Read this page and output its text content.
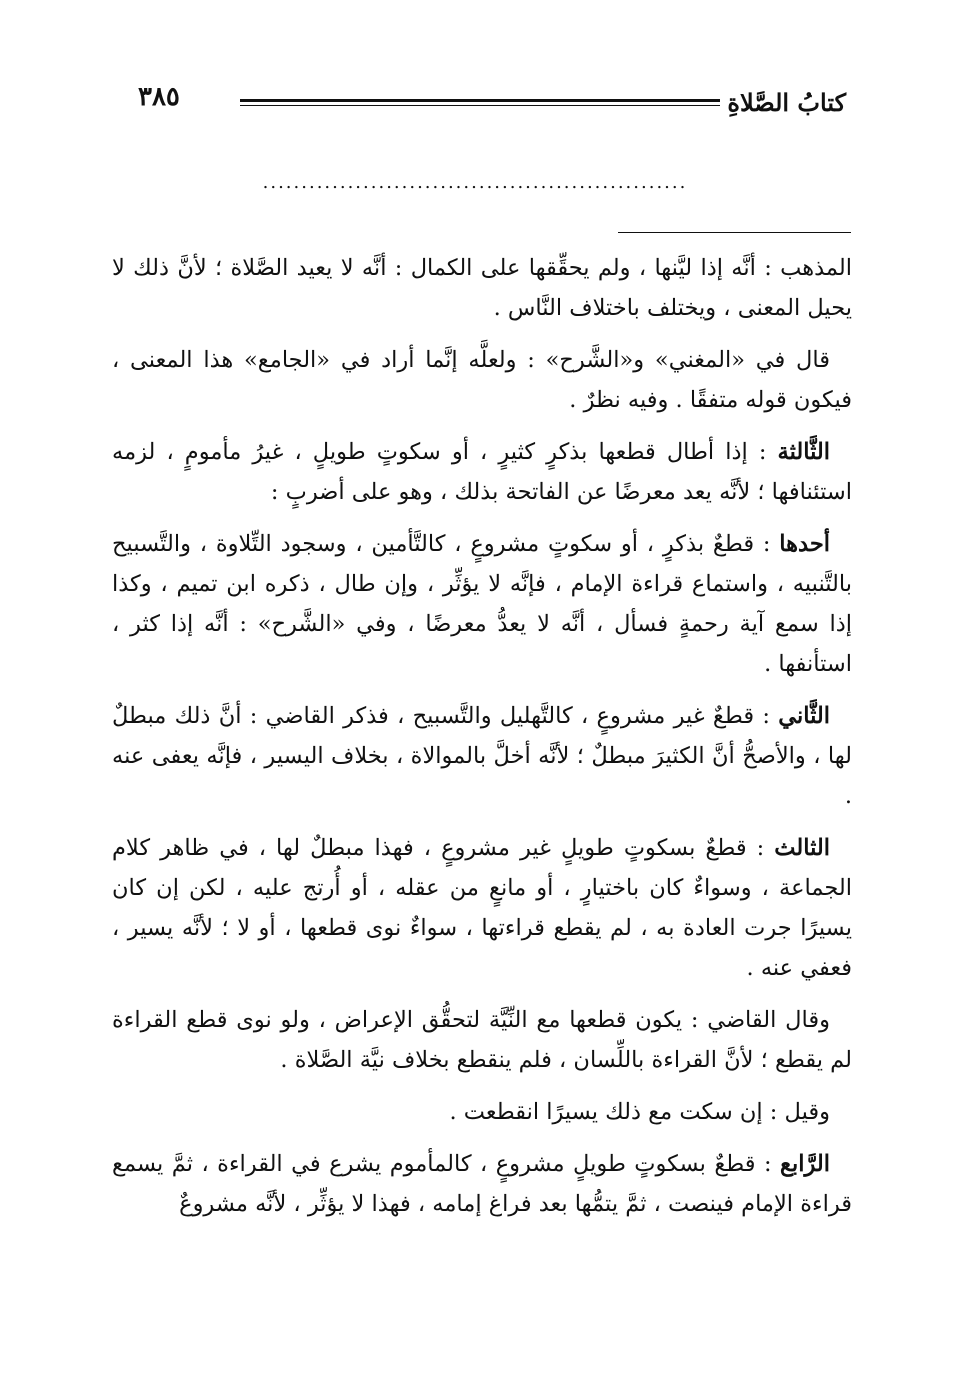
كتابُ الصَّلاةِ
٣٨٥
.......................................................

المذهب : أنَّه إذا ليَّنها ، ولم يحقِّقها على الكمال : أنَّه لا يعيد الصَّلاة ؛ لأنَّ ذلك لا يحيل المعنى ، ويختلف باختلاف النَّاس .

قال في «المغني» و«الشَّرح» : ولعلَّه إنَّما أراد في «الجامع» هذا المعنى ، فيكون قوله متفقًا . وفيه نظرٌ .

الثَّالثة : إذا أطال قطعها بذكرٍ كثيرٍ ، أو سكوتٍ طويلٍ ، غيرُ مأمومٍ ، لزمه استئنافها ؛ لأنَّه يعد معرضًا عن الفاتحة بذلك ، وهو على أضربٍ :

أحدها : قطعٌ بذكرٍ ، أو سكوتٍ مشروعٍ ، كالتَّأمين ، وسجود التِّلاوة ، والتَّسبيح بالتَّنبيه ، واستماع قراءة الإمام ، فإنَّه لا يؤثِّر ، وإن طال ، ذكره ابن تميم ، وكذا إذا سمع آية رحمةٍ فسأل ، أنَّه لا يعدُّ معرضًا ، وفي «الشَّرح» : أنَّه إذا كثر ، استأنفها .

الثَّاني : قطعٌ غير مشروعٍ ، كالتَّهليل والتَّسبيح ، فذكر القاضي : أنَّ ذلك مبطلٌ لها ، والأصحُّ أنَّ الكثيرَ مبطلٌ ؛ لأنَّه أخلَّ بالموالاة ، بخلاف اليسير ، فإنَّه يعفى عنه .

الثالث : قطعٌ بسكوتٍ طويلٍ غير مشروعٍ ، فهذا مبطلٌ لها ، في ظاهر كلام الجماعة ، وسواءٌ كان باختيارٍ ، أو مانعٍ من عقله ، أو أُرتج عليه ، لكن إن كان يسيرًا جرت العادة به ، لم يقطع قراءتها ، سواءٌ نوى قطعها ، أو لا ؛ لأنَّه يسير ، فعفي عنه .

وقال القاضي : يكون قطعها مع النِّيَّة لتحقُّق الإعراض ، ولو نوى قطع القراءة لم يقطع ؛ لأنَّ القراءة باللِّسان ، فلم ينقطع بخلاف نيَّة الصَّلاة .

وقيل : إن سكت مع ذلك يسيرًا انقطعت .

الرَّابع : قطعٌ بسكوتٍ طويلٍ مشروعٍ ، كالمأموم يشرع في القراءة ، ثمَّ يسمع قراءة الإمام فينصت ، ثمَّ يتمُّها بعد فراغ إمامه ، فهذا لا يؤثِّر ، لأنَّه مشروعٌ
